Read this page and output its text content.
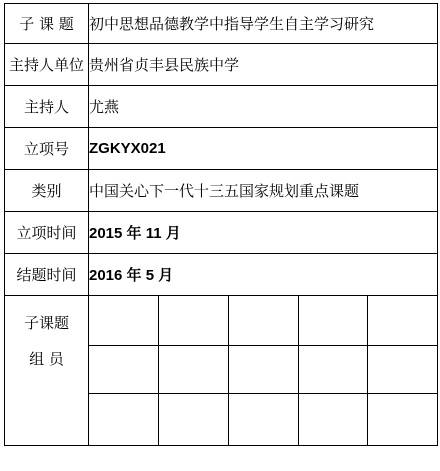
子 课 题	初中思想品德教学中指导学生自主学习研究				
主持人单位	贵州省贞丰县民族中学				
主持人	尤燕				
立项号	ZGKYX021				
类别	中国关心下一代十三五国家规划重点课题				
立项时间	2015 年 11 月				
结题时间	2016 年 5 月				

子课题
组 员					
